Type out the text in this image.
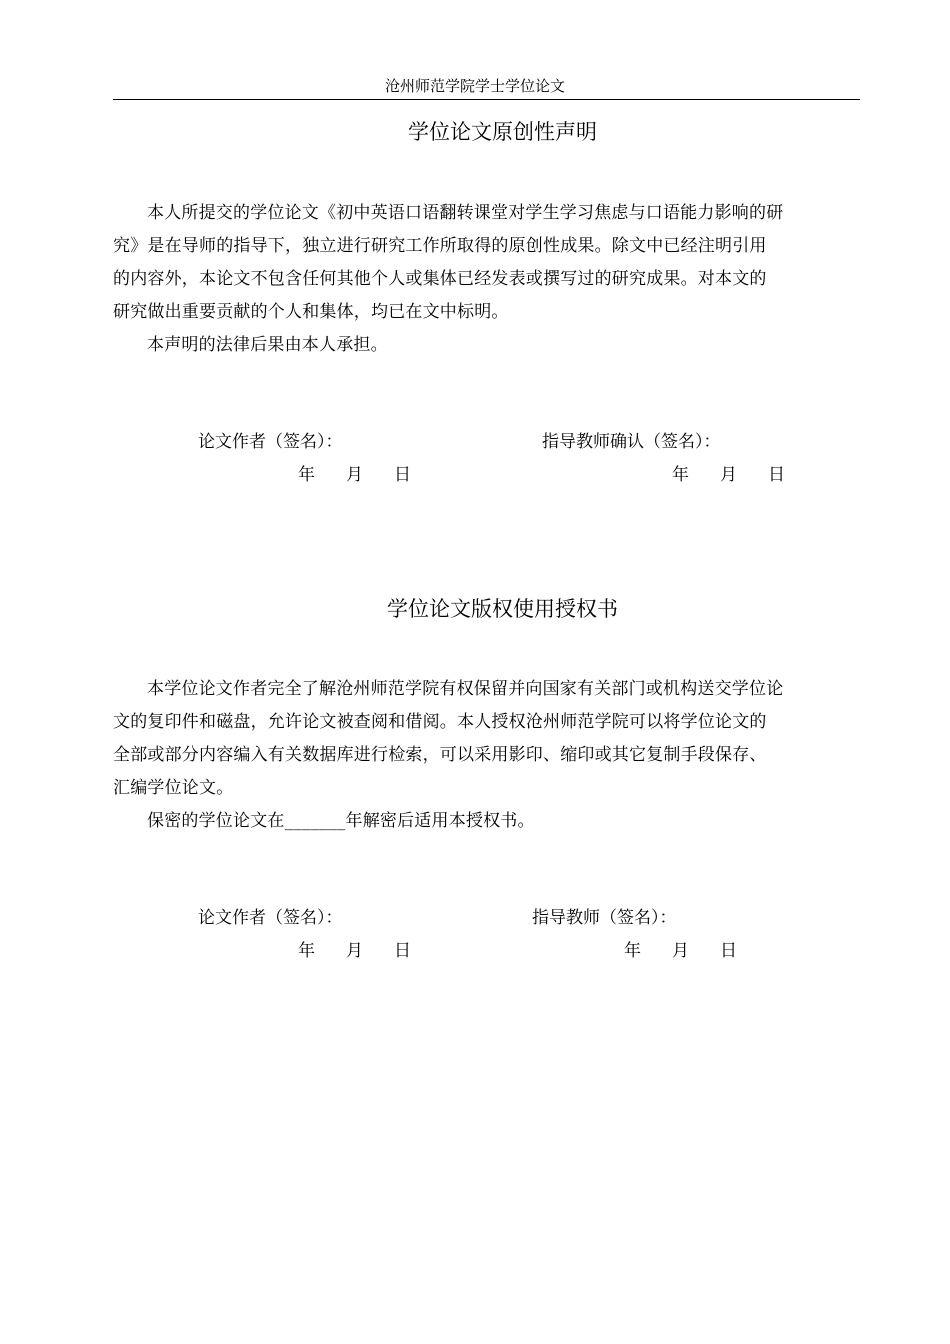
沧州师范学院学士学位论文
学位论文原创性声明
本人所提交的学位论文《初中英语口语翻转课堂对学生学习焦虑与口语能力影响的研
究》是在导师的指导下，独立进行研究工作所取得的原创性成果。除文中已经注明引用
的内容外，本论文不包含任何其他个人或集体已经发表或撰写过的研究成果。对本文的
研究做出重要贡献的个人和集体，均已在文中标明。
本声明的法律后果由本人承担。
论文作者（签名）：	指导教师确认（签名）：
年 月 日	年 月 日
学位论文版权使用授权书
本学位论文作者完全了解沧州师范学院有权保留并向国家有关部门或机构送交学位论
文的复印件和磁盘，允许论文被查阅和借阅。本人授权沧州师范学院可以将学位论文的
全部或部分内容编入有关数据库进行检索，可以采用影印、缩印或其它复制手段保存、
汇编学位论文。
保密的学位论文在_______年解密后适用本授权书。
论文作者（签名）：	指导教师（签名）：
年 月 日	年 月 日
